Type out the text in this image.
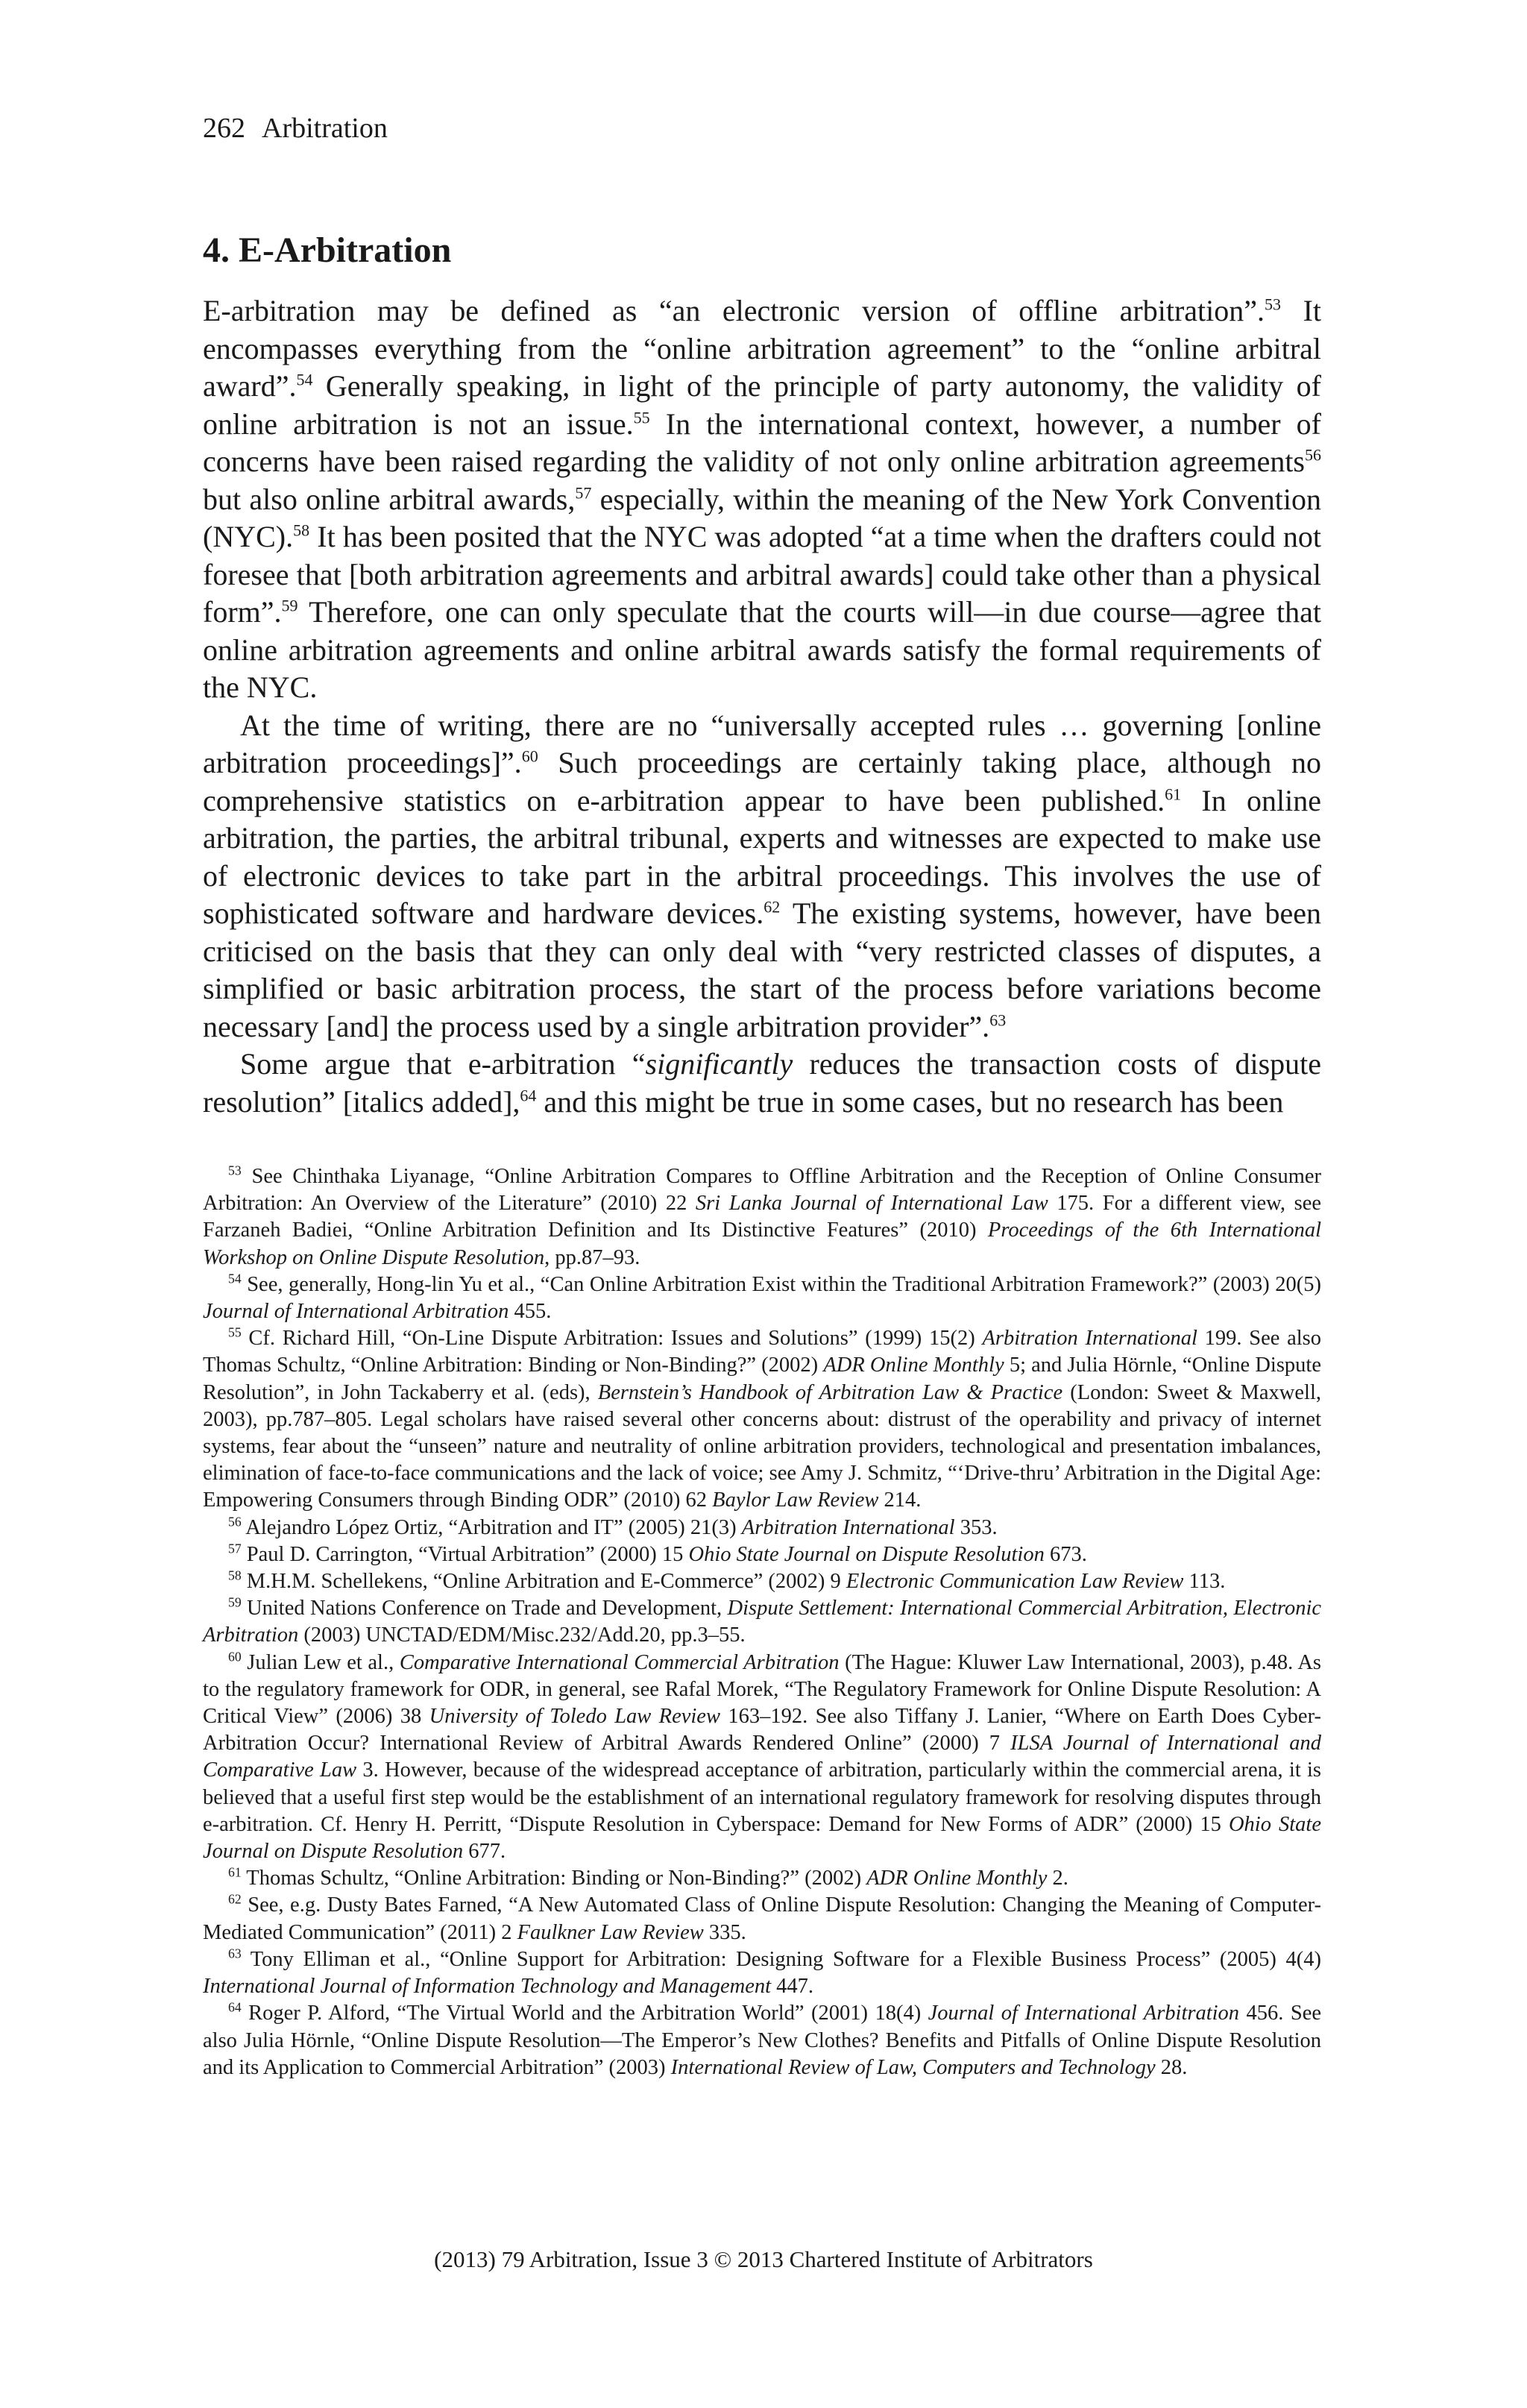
262 Arbitration
4. E-Arbitration

E-arbitration may be defined as “an electronic version of offline arbitration”.$^{53}$ It encompasses everything from the “online arbitration agreement” to the “online arbitral award”.$^{54}$ Generally speaking, in light of the principle of party autonomy, the validity of online arbitration is not an issue.$^{55}$ In the international context, however, a number of concerns have been raised regarding the validity of not only online arbitration agreements$^{56}$ but also online arbitral awards,$^{57}$ especially, within the meaning of the New York Convention (NYC).$^{58}$ It has been posited that the NYC was adopted “at a time when the drafters could not foresee that [both arbitration agreements and arbitral awards] could take other than a physical form”.$^{59}$ Therefore, one can only speculate that the courts will—in due course—agree that online arbitration agreements and online arbitral awards satisfy the formal requirements of the NYC.

At the time of writing, there are no “universally accepted rules … governing [online arbitration proceedings]”.$^{60}$ Such proceedings are certainly taking place, although no comprehensive statistics on e-arbitration appear to have been published.$^{61}$ In online arbitration, the parties, the arbitral tribunal, experts and witnesses are expected to make use of electronic devices to take part in the arbitral proceedings. This involves the use of sophisticated software and hardware devices.$^{62}$ The existing systems, however, have been criticised on the basis that they can only deal with “very restricted classes of disputes, a simplified or basic arbitration process, the start of the process before variations become necessary [and] the process used by a single arbitration provider”.$^{63}$

Some argue that e-arbitration “significantly reduces the transaction costs of dispute resolution” [italics added],$^{64}$ and this might be true in some cases, but no research has been

$^{53}$ See Chinthaka Liyanage, “Online Arbitration Compares to Offline Arbitration and the Reception of Online Consumer Arbitration: An Overview of the Literature” (2010) 22 Sri Lanka Journal of International Law 175. For a different view, see Farzaneh Badiei, “Online Arbitration Definition and Its Distinctive Features” (2010) Proceedings of the 6th International Workshop on Online Dispute Resolution, pp.87–93.

$^{54}$ See, generally, Hong-lin Yu et al., “Can Online Arbitration Exist within the Traditional Arbitration Framework?” (2003) 20(5) Journal of International Arbitration 455.

$^{55}$ Cf. Richard Hill, “On-Line Dispute Arbitration: Issues and Solutions” (1999) 15(2) Arbitration International 199. See also Thomas Schultz, “Online Arbitration: Binding or Non-Binding?” (2002) ADR Online Monthly 5; and Julia Hörnle, “Online Dispute Resolution”, in John Tackaberry et al. (eds), Bernstein’s Handbook of Arbitration Law & Practice (London: Sweet & Maxwell, 2003), pp.787–805. Legal scholars have raised several other concerns about: distrust of the operability and privacy of internet systems, fear about the “unseen” nature and neutrality of online arbitration providers, technological and presentation imbalances, elimination of face-to-face communications and the lack of voice; see Amy J. Schmitz, “‘Drive-thru’ Arbitration in the Digital Age: Empowering Consumers through Binding ODR” (2010) 62 Baylor Law Review 214.

$^{56}$ Alejandro López Ortiz, “Arbitration and IT” (2005) 21(3) Arbitration International 353.

$^{57}$ Paul D. Carrington, “Virtual Arbitration” (2000) 15 Ohio State Journal on Dispute Resolution 673.

$^{58}$ M.H.M. Schellekens, “Online Arbitration and E-Commerce” (2002) 9 Electronic Communication Law Review 113.

$^{59}$ United Nations Conference on Trade and Development, Dispute Settlement: International Commercial Arbitration, Electronic Arbitration (2003) UNCTAD/EDM/Misc.232/Add.20, pp.3–55.

$^{60}$ Julian Lew et al., Comparative International Commercial Arbitration (The Hague: Kluwer Law International, 2003), p.48. As to the regulatory framework for ODR, in general, see Rafal Morek, “The Regulatory Framework for Online Dispute Resolution: A Critical View” (2006) 38 University of Toledo Law Review 163–192. See also Tiffany J. Lanier, “Where on Earth Does Cyber-Arbitration Occur? International Review of Arbitral Awards Rendered Online” (2000) 7 ILSA Journal of International and Comparative Law 3. However, because of the widespread acceptance of arbitration, particularly within the commercial arena, it is believed that a useful first step would be the establishment of an international regulatory framework for resolving disputes through e-arbitration. Cf. Henry H. Perritt, “Dispute Resolution in Cyberspace: Demand for New Forms of ADR” (2000) 15 Ohio State Journal on Dispute Resolution 677.

$^{61}$ Thomas Schultz, “Online Arbitration: Binding or Non-Binding?” (2002) ADR Online Monthly 2.

$^{62}$ See, e.g. Dusty Bates Farned, “A New Automated Class of Online Dispute Resolution: Changing the Meaning of Computer-Mediated Communication” (2011) 2 Faulkner Law Review 335.

$^{63}$ Tony Elliman et al., “Online Support for Arbitration: Designing Software for a Flexible Business Process” (2005) 4(4) International Journal of Information Technology and Management 447.

$^{64}$ Roger P. Alford, “The Virtual World and the Arbitration World” (2001) 18(4) Journal of International Arbitration 456. See also Julia Hörnle, “Online Dispute Resolution—The Emperor’s New Clothes? Benefits and Pitfalls of Online Dispute Resolution and its Application to Commercial Arbitration” (2003) International Review of Law, Computers and Technology 28.

(2013) 79 Arbitration, Issue 3 © 2013 Chartered Institute of Arbitrators
